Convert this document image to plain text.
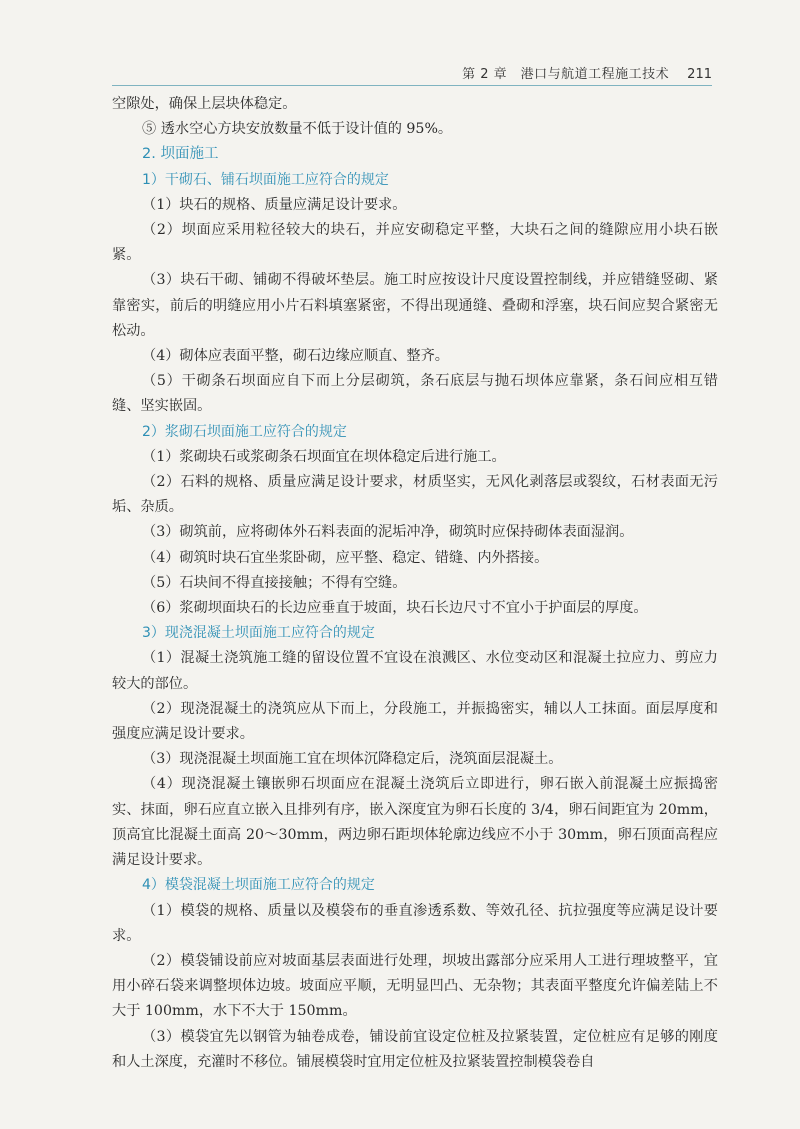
第 2 章　港口与航道工程施工技术 211

空隙处，确保上层块体稳定。

⑤ 透水空心方块安放数量不低于设计值的 95%。

2. 坝面施工

1）干砌石、铺石坝面施工应符合的规定

（1）块石的规格、质量应满足设计要求。

（2）坝面应采用粒径较大的块石，并应安砌稳定平整，大块石之间的缝隙应用小块石嵌紧。

（3）块石干砌、铺砌不得破坏垫层。施工时应按设计尺度设置控制线，并应错缝竖砌、紧靠密实，前后的明缝应用小片石料填塞紧密，不得出现通缝、叠砌和浮塞，块石间应契合紧密无松动。

（4）砌体应表面平整，砌石边缘应顺直、整齐。

（5）干砌条石坝面应自下而上分层砌筑，条石底层与抛石坝体应靠紧，条石间应相互错缝、坚实嵌固。

2）浆砌石坝面施工应符合的规定

（1）浆砌块石或浆砌条石坝面宜在坝体稳定后进行施工。

（2）石料的规格、质量应满足设计要求，材质坚实，无风化剥落层或裂纹，石材表面无污垢、杂质。

（3）砌筑前，应将砌体外石料表面的泥垢冲净，砌筑时应保持砌体表面湿润。

（4）砌筑时块石宜坐浆卧砌，应平整、稳定、错缝、内外搭接。

（5）石块间不得直接接触；不得有空缝。

（6）浆砌坝面块石的长边应垂直于坡面，块石长边尺寸不宜小于护面层的厚度。

3）现浇混凝土坝面施工应符合的规定

（1）混凝土浇筑施工缝的留设位置不宜设在浪溅区、水位变动区和混凝土拉应力、剪应力较大的部位。

（2）现浇混凝土的浇筑应从下而上，分段施工，并振捣密实，辅以人工抹面。面层厚度和强度应满足设计要求。

（3）现浇混凝土坝面施工宜在坝体沉降稳定后，浇筑面层混凝土。

（4）现浇混凝土镶嵌卵石坝面应在混凝土浇筑后立即进行，卵石嵌入前混凝土应振捣密实、抹面，卵石应直立嵌入且排列有序，嵌入深度宜为卵石长度的 3/4，卵石间距宜为 20mm，顶高宜比混凝土面高 20～30mm，两边卵石距坝体轮廓边线应不小于 30mm，卵石顶面高程应满足设计要求。

4）模袋混凝土坝面施工应符合的规定

（1）模袋的规格、质量以及模袋布的垂直渗透系数、等效孔径、抗拉强度等应满足设计要求。

（2）模袋铺设前应对坡面基层表面进行处理，坝坡出露部分应采用人工进行理坡整平，宜用小碎石袋来调整坝体边坡。坡面应平顺，无明显凹凸、无杂物；其表面平整度允许偏差陆上不大于 100mm，水下不大于 150mm。

（3）模袋宜先以钢管为轴卷成卷，铺设前宜设定位桩及拉紧装置，定位桩应有足够的刚度和人土深度，充灌时不移位。铺展模袋时宜用定位桩及拉紧装置控制模袋卷自
